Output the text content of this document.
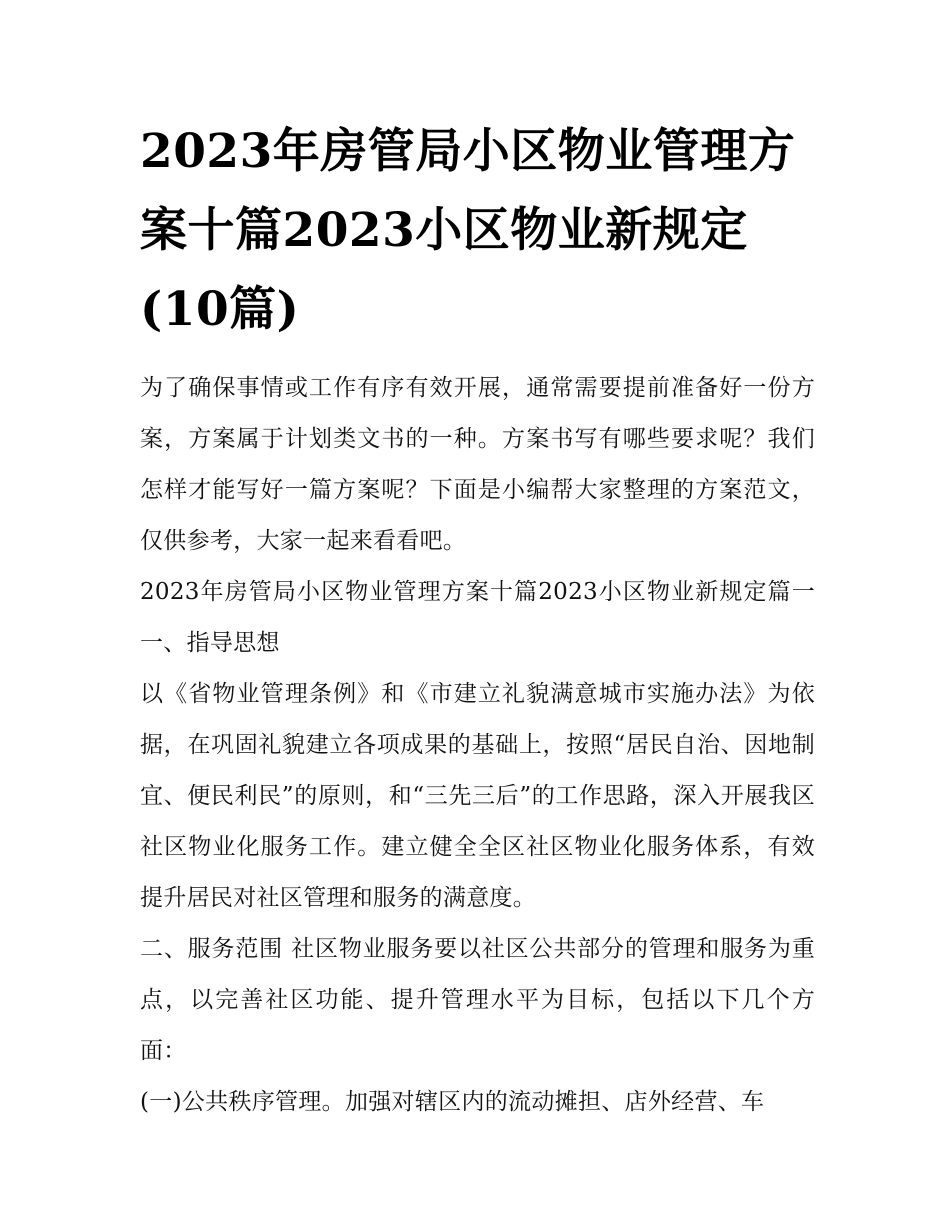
2023年房管局小区物业管理方案十篇2023小区物业新规定(10篇)

为了确保事情或工作有序有效开展，通常需要提前准备好一份方案，方案属于计划类文书的一种。方案书写有哪些要求呢？我们怎样才能写好一篇方案呢？下面是小编帮大家整理的方案范文，仅供参考，大家一起来看看吧。

2023年房管局小区物业管理方案十篇2023小区物业新规定篇一 一、指导思想

以《省物业管理条例》和《市建立礼貌满意城市实施办法》为依据，在巩固礼貌建立各项成果的基础上，按照“居民自治、因地制宜、便民利民”的原则，和“三先三后”的工作思路，深入开展我区社区物业化服务工作。建立健全全区社区物业化服务体系，有效提升居民对社区管理和服务的满意度。

二、服务范围 社区物业服务要以社区公共部分的管理和服务为重点，以完善社区功能、提升管理水平为目标，包括以下几个方面：

(一)公共秩序管理。加强对辖区内的流动摊担、店外经营、车
